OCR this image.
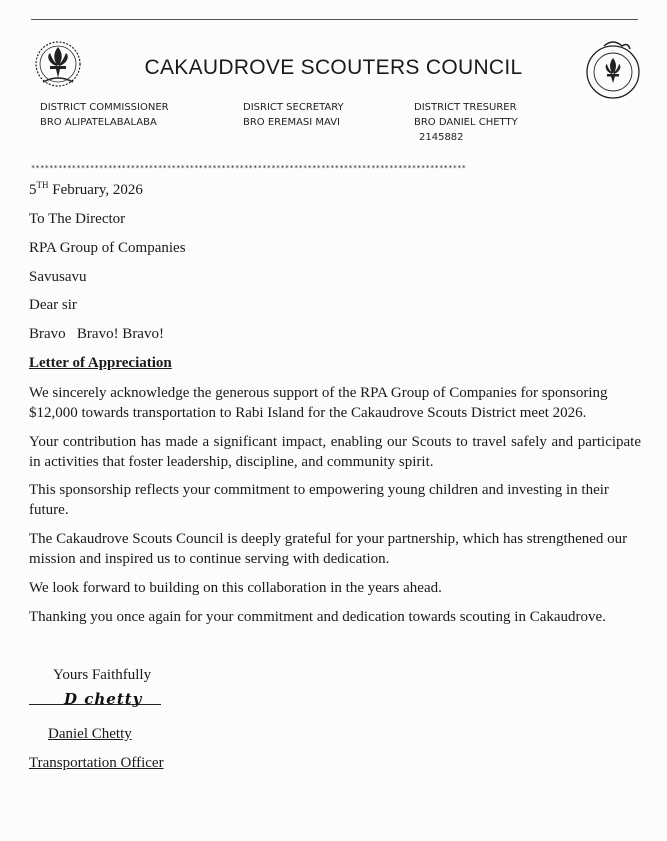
CAKAUDROVE SCOUTERS COUNCIL
DISTRICT COMMISSIONER
BRO ALIPATELABALABA
DISRICT SECRETARY
BRO EREMASI MAVI
DISTRICT TRESURER
BRO DANIEL CHETTY
2145882
************************************************************************************************
5TH February, 2026
To The Director
RPA Group of Companies
Savusavu
Dear sir
Bravo   Bravo! Bravo!
Letter of Appreciation

We sincerely acknowledge the generous support of the RPA Group of Companies for sponsoring $12,000 towards transportation to Rabi Island for the Cakaudrove Scouts District meet 2026.

Your contribution has made a significant impact, enabling our Scouts to travel safely and participate in activities that foster leadership, discipline, and community spirit.

This sponsorship reflects your commitment to empowering young children and investing in their future.

The Cakaudrove Scouts Council is deeply grateful for your partnership, which has strengthened our mission and inspired us to continue serving with dedication.

We look forward to building on this collaboration in the years ahead.

Thanking you once again for your commitment and dedication towards scouting in Cakaudrove.

Yours Faithfully
D chetty
Daniel Chetty
Transportation Officer
